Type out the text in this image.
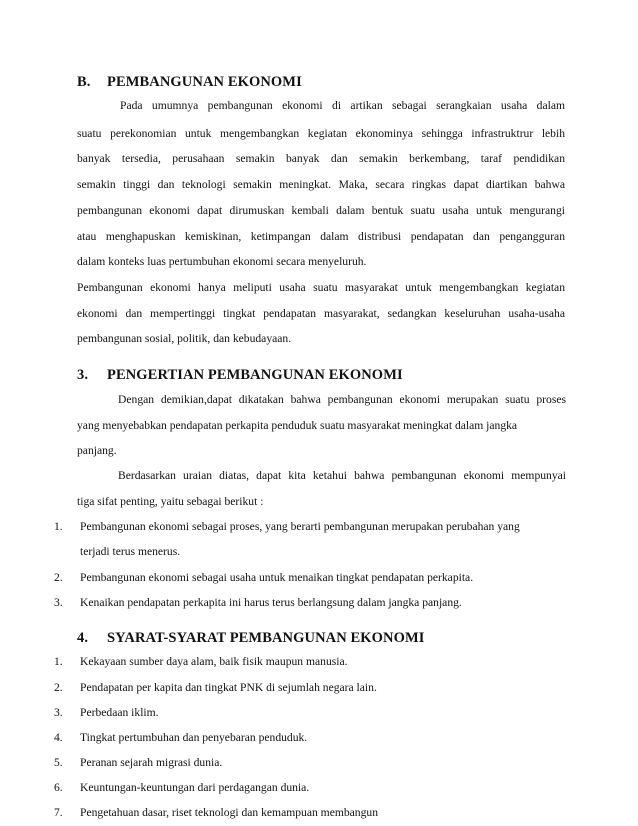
B. PEMBANGUNAN EKONOMI
Pada umumnya pembangunan ekonomi di artikan sebagai serangkaian usaha dalam
suatu perekonomian untuk mengembangkan kegiatan ekonominya sehingga infrastruktrur lebih
banyak tersedia, perusahaan semakin banyak dan semakin berkembang, taraf pendidikan
semakin tinggi dan teknologi semakin meningkat. Maka, secara ringkas dapat diartikan bahwa
pembangunan ekonomi dapat dirumuskan kembali dalam bentuk suatu usaha untuk mengurangi
atau menghapuskan kemiskinan, ketimpangan dalam distribusi pendapatan dan pengangguran
dalam konteks luas pertumbuhan ekonomi secara menyeluruh.
Pembangunan ekonomi hanya meliputi usaha suatu masyarakat untuk mengembangkan kegiatan
ekonomi dan mempertinggi tingkat pendapatan masyarakat, sedangkan keseluruhan usaha-usaha
pembangunan sosial, politik, dan kebudayaan.
3. PENGERTIAN PEMBANGUNAN EKONOMI
Dengan demikian,dapat dikatakan bahwa pembangunan ekonomi merupakan suatu proses
yang menyebabkan pendapatan perkapita penduduk suatu masyarakat meningkat dalam jangka
panjang.
Berdasarkan uraian diatas, dapat kita ketahui bahwa pembangunan ekonomi mempunyai
tiga sifat penting, yaitu sebagai berikut :
1. Pembangunan ekonomi sebagai proses, yang berarti pembangunan merupakan perubahan yang
terjadi terus menerus.
2. Pembangunan ekonomi sebagai usaha untuk menaikan tingkat pendapatan perkapita.
3. Kenaikan pendapatan perkapita ini harus terus berlangsung dalam jangka panjang.
4. SYARAT-SYARAT PEMBANGUNAN EKONOMI
1. Kekayaan sumber daya alam, baik fisik maupun manusia.
2. Pendapatan per kapita dan tingkat PNK di sejumlah negara lain.
3. Perbedaan iklim.
4. Tingkat pertumbuhan dan penyebaran penduduk.
5. Peranan sejarah migrasi dunia.
6. Keuntungan-keuntungan dari perdagangan dunia.
7. Pengetahuan dasar, riset teknologi dan kemampuan membangun
